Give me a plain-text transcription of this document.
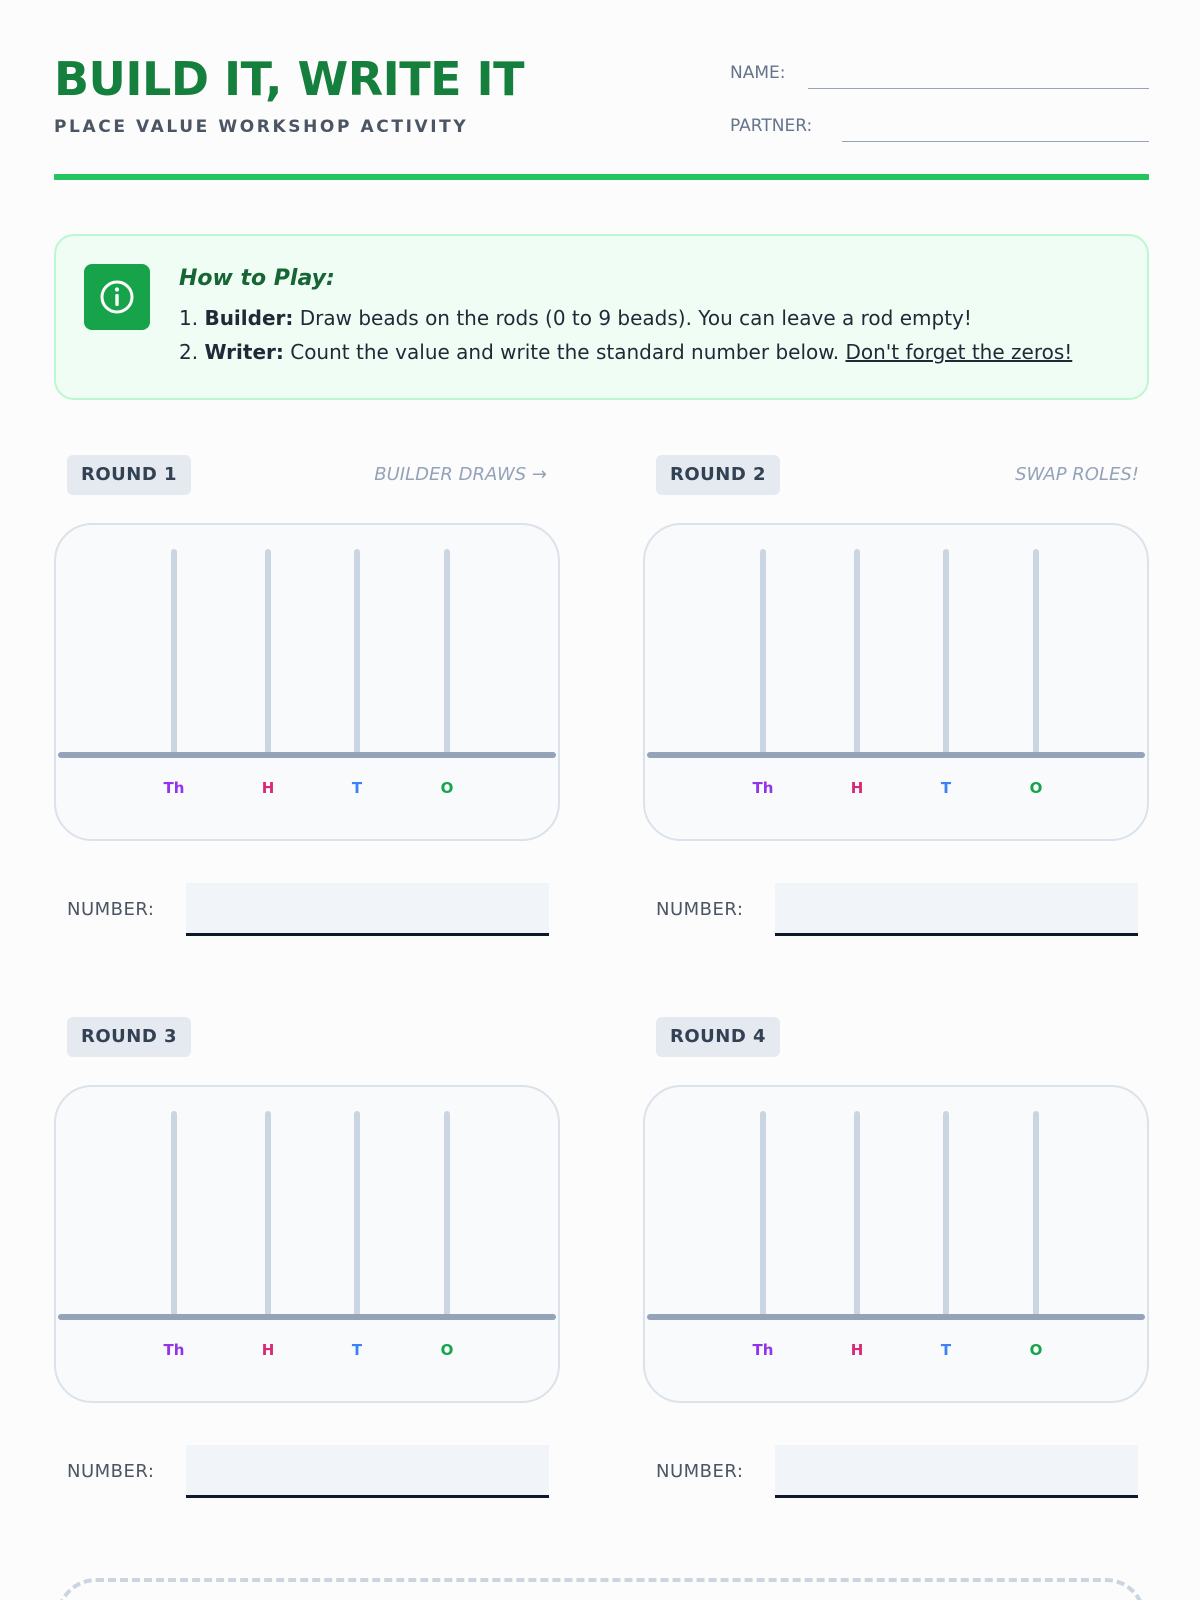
BUILD IT, WRITE IT
PLACE VALUE WORKSHOP ACTIVITY
NAME:
PARTNER:
How to Play:
1. Builder: Draw beads on the rods (0 to 9 beads). You can leave a rod empty!
2. Writer: Count the value and write the standard number below. Don't forget the zeros!
ROUND 1	BUILDER DRAWS →
Th	H	T	O
NUMBER:
ROUND 2	SWAP ROLES!
Th	H	T	O
NUMBER:
ROUND 3
Th	H	T	O
NUMBER:
ROUND 4
Th	H	T	O
NUMBER:
